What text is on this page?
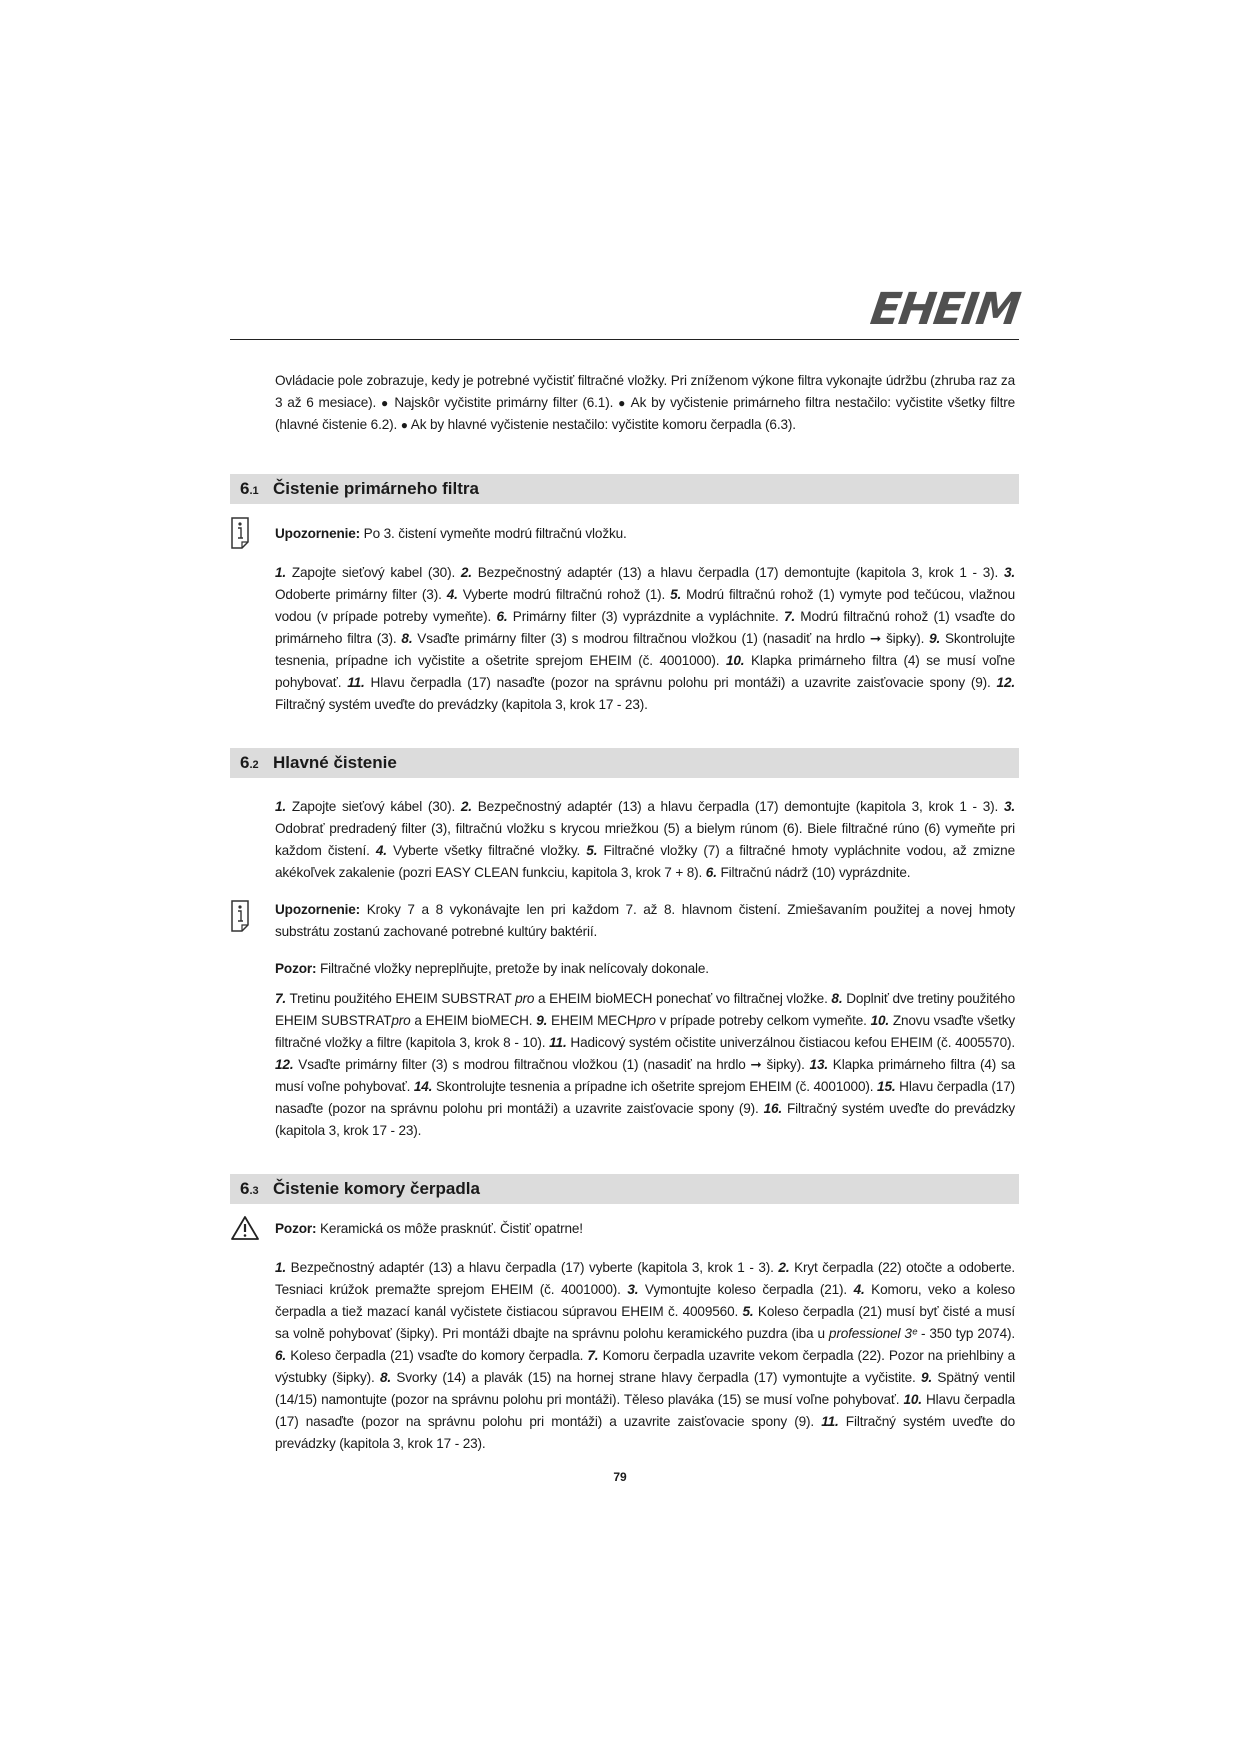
EHEIM
Ovládacie pole zobrazuje, kedy je potrebné vyčistiť filtračné vložky. Pri zníženom výkone filtra vykonajte údržbu (zhruba raz za 3 až 6 mesiace). ● Najskôr vyčistite primárny filter (6.1). ● Ak by vyčistenie primárneho filtra nestačilo: vyčistite všetky filtre (hlavné čistenie 6.2). ● Ak by hlavné vyčistenie nestačilo: vyčistite komoru čerpadla (6.3).
6.1 Čistenie primárneho filtra
Upozornenie: Po 3. čistení vymeňte modrú filtračnú vložku.
1. Zapojte sieťový kabel (30). 2. Bezpečnostný adaptér (13) a hlavu čerpadla (17) demontujte (kapitola 3, krok 1 - 3). 3. Odoberte primárny filter (3). 4. Vyberte modrú filtračnú rohož (1). 5. Modrú filtračnú rohož (1) vymyte pod tečúcou, vlažnou vodou (v prípade potreby vymeňte). 6. Primárny filter (3) vyprázdnite a vypláchnite. 7. Modrú filtračnú rohož (1) vsaďte do primárneho filtra (3). 8. Vsaďte primárny filter (3) s modrou filtračnou vložkou (1) (nasadiť na hrdlo ➞ šipky). 9. Skontrolujte tesnenia, prípadne ich vyčistite a ošetrite sprejom EHEIM (č. 4001000). 10. Klapka primárneho filtra (4) se musí voľne pohybovať. 11. Hlavu čerpadla (17) nasaďte (pozor na správnu polohu pri montáži) a uzavrite zaisťovacie spony (9). 12. Filtračný systém uveďte do prevádzky (kapitola 3, krok 17 - 23).
6.2 Hlavné čistenie
1. Zapojte sieťový kábel (30). 2. Bezpečnostný adaptér (13) a hlavu čerpadla (17) demontujte (kapitola 3, krok 1 - 3). 3. Odobrať predradený filter (3), filtračnú vložku s krycou mriežkou (5) a bielym rúnom (6). Biele filtračné rúno (6) vymeňte pri každom čistení. 4. Vyberte všetky filtračné vložky. 5. Filtračné vložky (7) a filtračné hmoty vypláchnite vodou, až zmizne akékoľvek zakalenie (pozri EASY CLEAN funkciu, kapitola 3, krok 7 + 8). 6. Filtračnú nádrž (10) vyprázdnite.
Upozornenie: Kroky 7 a 8 vykonávajte len pri každom 7. až 8. hlavnom čistení. Zmiešavaním použitej a novej hmoty substrátu zostanú zachované potrebné kultúry baktérií.
Pozor: Filtračné vložky nepreplňujte, pretože by inak nelícovaly dokonale.
7. Tretinu použitého EHEIM SUBSTRAT pro a EHEIM bioMECH ponechať vo filtračnej vložke. 8. Doplniť dve tretiny použitého EHEIM SUBSTRATpro a EHEIM bioMECH. 9. EHEIM MECHpro v prípade potreby celkom vymeňte. 10. Znovu vsaďte všetky filtračné vložky a filtre (kapitola 3, krok 8 - 10). 11. Hadicový systém očistite univerzálnou čistiacou kefou EHEIM (č. 4005570). 12. Vsaďte primárny filter (3) s modrou filtračnou vložkou (1) (nasadiť na hrdlo ➞ šipky). 13. Klapka primárneho filtra (4) sa musí voľne pohybovať. 14. Skontrolujte tesnenia a prípadne ich ošetrite sprejom EHEIM (č. 4001000). 15. Hlavu čerpadla (17) nasaďte (pozor na správnu polohu pri montáži) a uzavrite zaisťovacie spony (9). 16. Filtračný systém uveďte do prevádzky (kapitola 3, krok 17 - 23).
6.3 Čistenie komory čerpadla
Pozor: Keramická os môže prasknúť. Čistiť opatrne!
1. Bezpečnostný adaptér (13) a hlavu čerpadla (17) vyberte (kapitola 3, krok 1 - 3). 2. Kryt čerpadla (22) otočte a odoberte. Tesniaci krúžok premažte sprejom EHEIM (č. 4001000). 3. Vymontujte koleso čerpadla (21). 4. Komoru, veko a koleso čerpadla a tiež mazací kanál vyčistete čistiacou súpravou EHEIM č. 4009560. 5. Koleso čerpadla (21) musí byť čisté a musí sa volně pohybovať (šipky). Pri montáži dbajte na správnu polohu keramického puzdra (iba u professionel 3ᵉ - 350 typ 2074). 6. Koleso čerpadla (21) vsaďte do komory čerpadla. 7. Komoru čerpadla uzavrite vekom čerpadla (22). Pozor na priehlbiny a výstubky (šipky). 8. Svorky (14) a plavák (15) na hornej strane hlavy čerpadla (17) vymontujte a vyčistite. 9. Spätný ventil (14/15) namontujte (pozor na správnu polohu pri montáži). Těleso plaváka (15) se musí voľne pohybovať. 10. Hlavu čerpadla (17) nasaďte (pozor na správnu polohu pri montáži) a uzavrite zaisťovacie spony (9). 11. Filtračný systém uveďte do prevádzky (kapitola 3, krok 17 - 23).
79
